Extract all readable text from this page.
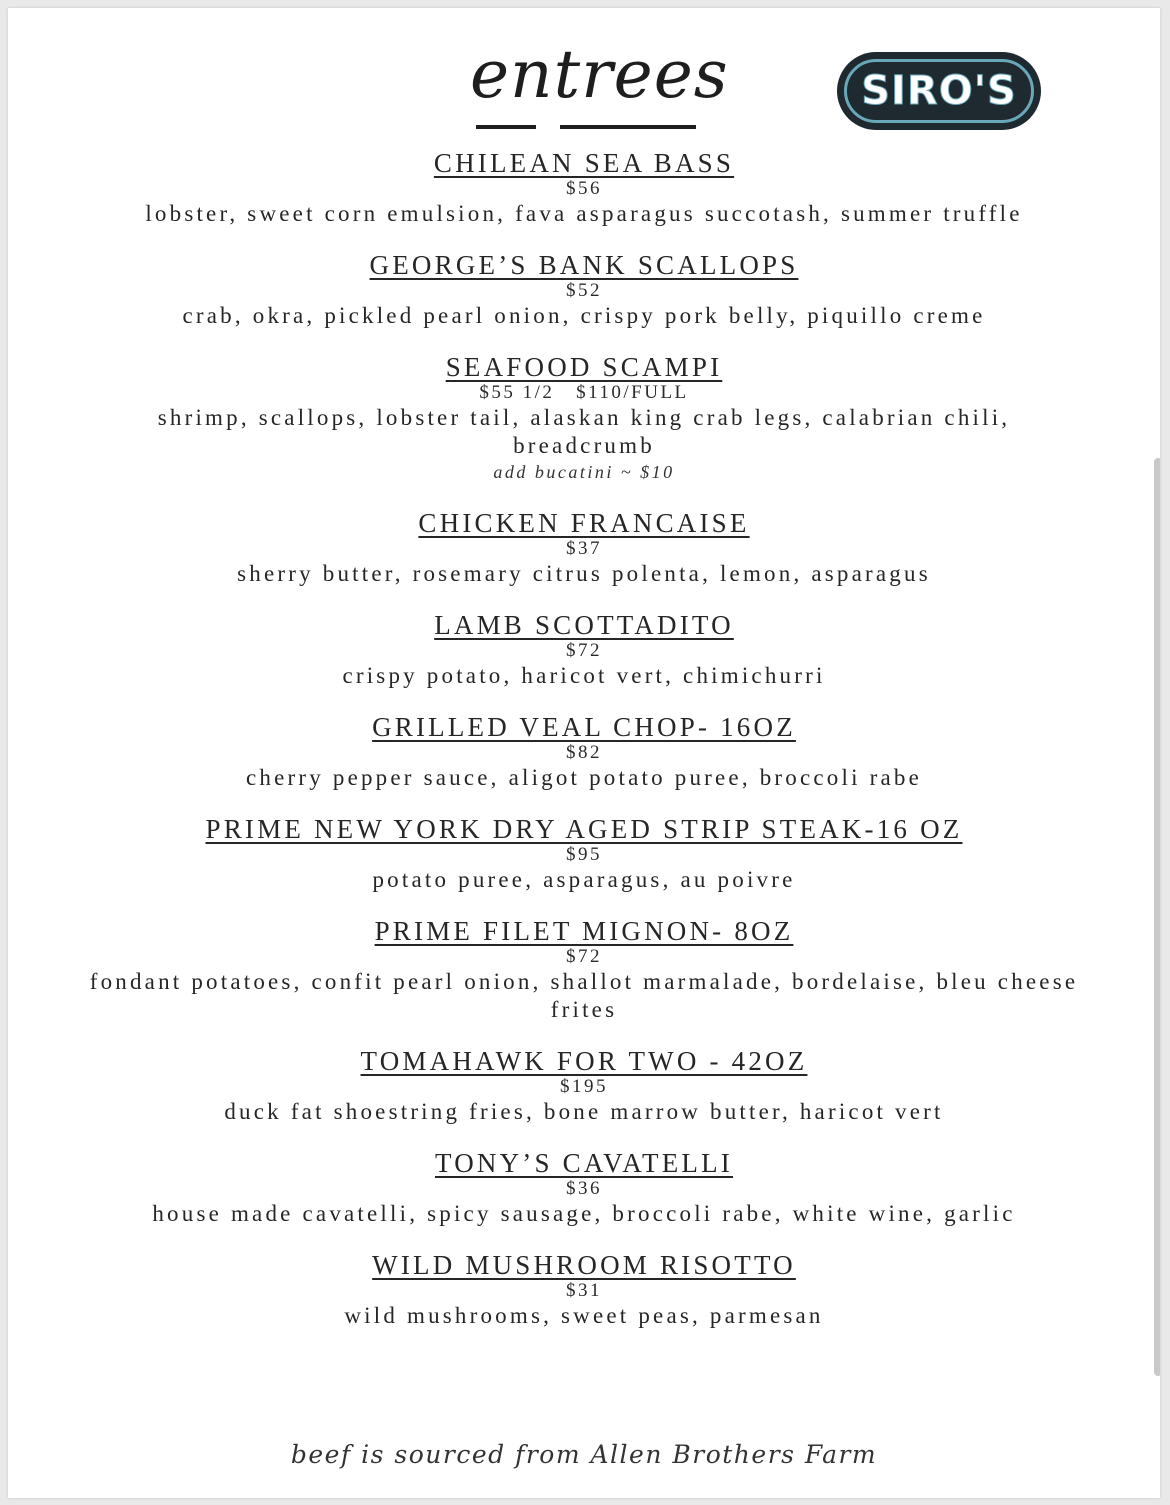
entrees	SIRO'S
CHILEAN SEA BASS
$56
lobster, sweet corn emulsion, fava asparagus succotash, summer truffle
GEORGE’S BANK SCALLOPS
$52
crab, okra, pickled pearl onion, crispy pork belly, piquillo creme
SEAFOOD SCAMPI
$55 1/2   $110/FULL
shrimp, scallops, lobster tail, alaskan king crab legs, calabrian chili, breadcrumb
add bucatini ~ $10
CHICKEN FRANCAISE
$37
sherry butter, rosemary citrus polenta, lemon, asparagus
LAMB SCOTTADITO
$72
crispy potato, haricot vert, chimichurri
GRILLED VEAL CHOP- 16OZ
$82
cherry pepper sauce, aligot potato puree, broccoli rabe
PRIME NEW YORK DRY AGED STRIP STEAK-16 OZ
$95
potato puree, asparagus, au poivre
PRIME FILET MIGNON- 8OZ
$72
fondant potatoes, confit pearl onion, shallot marmalade, bordelaise, bleu cheese frites
TOMAHAWK FOR TWO - 42OZ
$195
duck fat shoestring fries, bone marrow butter, haricot vert
TONY’S CAVATELLI
$36
house made cavatelli, spicy sausage, broccoli rabe, white wine, garlic
WILD MUSHROOM RISOTTO
$31
wild mushrooms, sweet peas, parmesan
beef is sourced from Allen Brothers Farm
